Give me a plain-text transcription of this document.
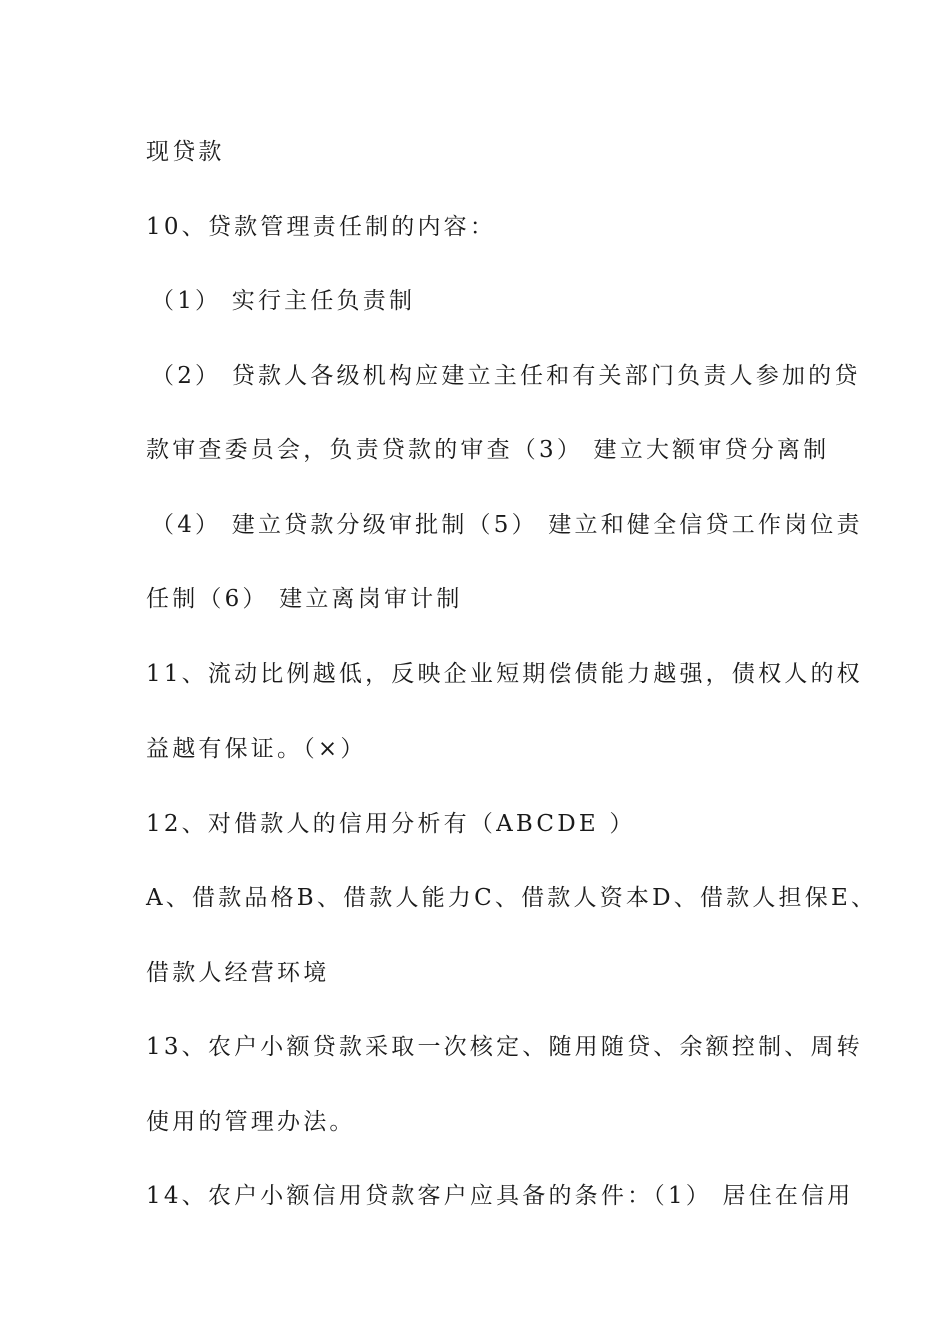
现贷款
10、贷款管理责任制的内容：
（1） 实行主任负责制
（2） 贷款人各级机构应建立主任和有关部门负责人参加的贷
款审查委员会，负责贷款的审查（3） 建立大额审贷分离制
（4） 建立贷款分级审批制（5） 建立和健全信贷工作岗位责
任制（6） 建立离岗审计制
11、流动比例越低，反映企业短期偿债能力越强，债权人的权
益越有保证。（×）
12、对借款人的信用分析有（ABCDE ）
A、借款品格B、借款人能力C、借款人资本D、借款人担保E、
借款人经营环境
13、农户小额贷款采取一次核定、随用随贷、余额控制、周转
使用的管理办法。
14、农户小额信用贷款客户应具备的条件：（1） 居住在信用
